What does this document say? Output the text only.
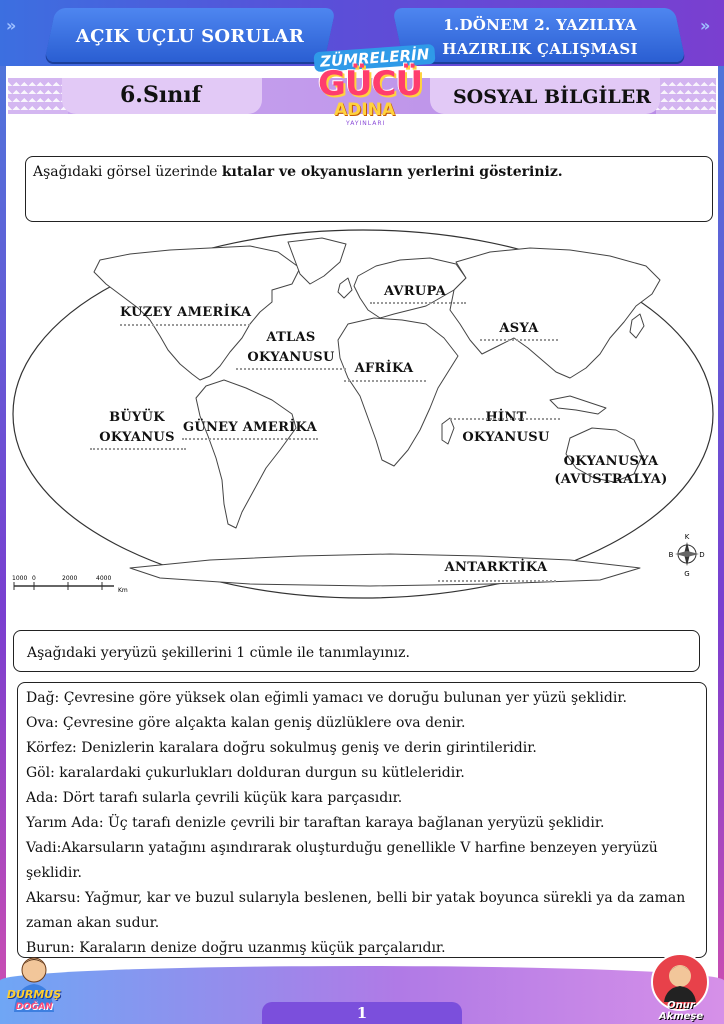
»	»
AÇIK UÇLU SORULAR
1.DÖNEM 2. YAZILIYA
HAZIRLIK ÇALIŞMASI
6.Sınıf	SOSYAL BİLGİLER
ZÜMRELERİN
GÜCÜ
ADINA
YAYINLARI
Aşağıdaki görsel üzerinde kıtalar ve okyanusların yerlerini gösteriniz.
K
G
D
B
1000 0	2000	4000
Km
KUZEY AMERİKA
ATLAS
OKYANUSU
AVRUPA
ASYA
AFRİKA
BÜYÜK
OKYANUS
GÜNEY AMERİKA
HİNT
OKYANUSU
OKYANUSYA
(AVUSTRALYA)
ANTARKTİKA
Aşağıdaki yeryüzü şekillerini 1 cümle ile tanımlayınız.
Dağ: Çevresine göre yüksek olan eğimli yamacı ve doruğu bulunan yer yüzü şeklidir.
Ova: Çevresine göre alçakta kalan geniş düzlüklere ova denir.
Körfez: Denizlerin karalara doğru sokulmuş geniş ve derin girintileridir.
Göl: karalardaki çukurlukları dolduran durgun su kütleleridir.
Ada: Dört tarafı sularla çevrili küçük kara parçasıdır.
Yarım Ada: Üç tarafı denizle çevrili bir taraftan karaya bağlanan yeryüzü şeklidir.
Vadi:Akarsuların yatağını aşındırarak oluşturduğu genellikle V harfine benzeyen yeryüzü şeklidir.
Akarsu: Yağmur, kar ve buzul sularıyla beslenen, belli bir yatak boyunca sürekli ya da zaman zaman akan sudur.
Burun: Karaların denize doğru uzanmış küçük parçalarıdır.
1
DURMUŞ
DOĞAN	Onur Akmeşe
